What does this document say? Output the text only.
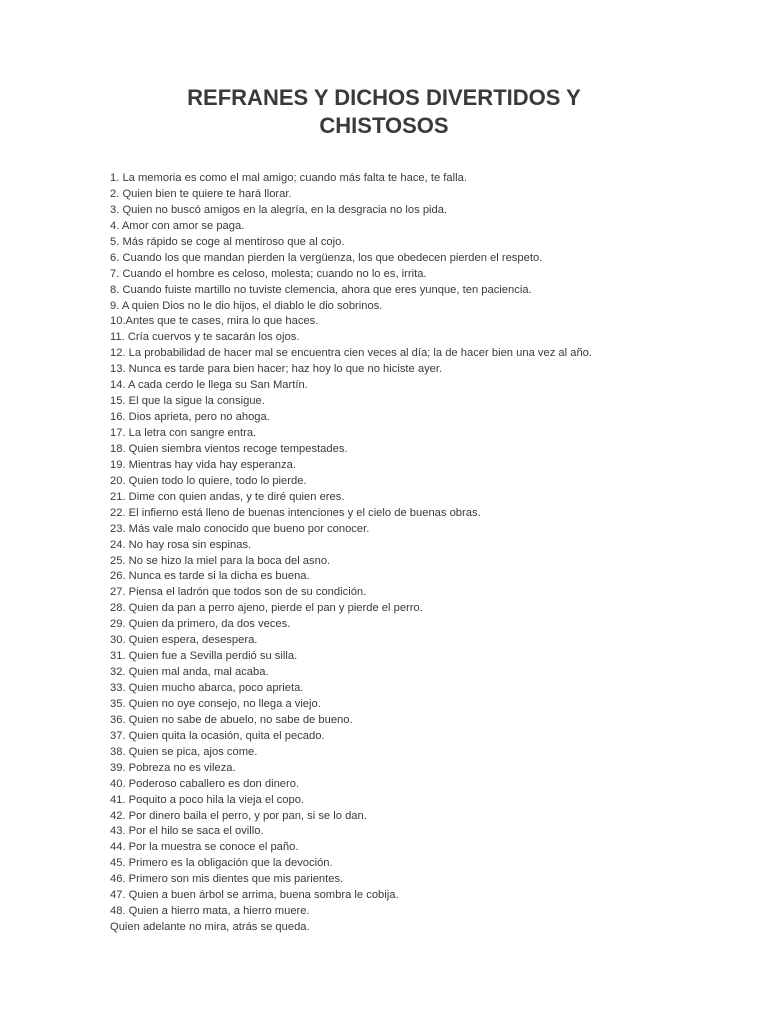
REFRANES Y DICHOS DIVERTIDOS Y
CHISTOSOS
1. La memoria es como el mal amigo; cuando más falta te hace, te falla.
2. Quien bien te quiere te hará llorar.
3. Quien no buscó amigos en la alegría, en la desgracia no los pida.
4. Amor con amor se paga.
5. Más rápido se coge al mentiroso que al cojo.
6. Cuando los que mandan pierden la vergüenza, los que obedecen pierden el respeto.
7. Cuando el hombre es celoso, molesta; cuando no lo es, irrita.
8. Cuando fuiste martillo no tuviste clemencia, ahora que eres yunque, ten paciencia.
9. A quien Dios no le dio hijos, el diablo le dio sobrinos.
10.Antes que te cases, mira lo que haces.
11. Cría cuervos y te sacarán los ojos.
12. La probabilidad de hacer mal se encuentra cien veces al día; la de hacer bien una vez al año.
13. Nunca es tarde para bien hacer; haz hoy lo que no hiciste ayer.
14. A cada cerdo le llega su San Martín.
15. El que la sigue la consigue.
16. Dios aprieta, pero no ahoga.
17. La letra con sangre entra.
18. Quien siembra vientos recoge tempestades.
19. Mientras hay vida hay esperanza.
20. Quien todo lo quiere, todo lo pierde.
21. Dime con quien andas, y te diré quien eres.
22. El infierno está lleno de buenas intenciones y el cielo de buenas obras.
23. Más vale malo conocido que bueno por conocer.
24. No hay rosa sin espinas.
25. No se hizo la miel para la boca del asno.
26. Nunca es tarde si la dicha es buena.
27. Piensa el ladrón que todos son de su condición.
28. Quien da pan a perro ajeno, pierde el pan y pierde el perro.
29. Quien da primero, da dos veces.
30. Quien espera, desespera.
31. Quien fue a Sevilla perdió su silla.
32. Quien mal anda, mal acaba.
33. Quien mucho abarca, poco aprieta.
35. Quien no oye consejo, no llega a viejo.
36. Quien no sabe de abuelo, no sabe de bueno.
37. Quien quita la ocasión, quita el pecado.
38. Quien se pica, ajos come.
39. Pobreza no es vileza.
40. Poderoso caballero es don dinero.
41. Poquito a poco hila la vieja el copo.
42. Por dinero baila el perro, y por pan, si se lo dan.
43. Por el hilo se saca el ovillo.
44. Por la muestra se conoce el paño.
45. Primero es la obligación que la devoción.
46. Primero son mis dientes que mis parientes.
47. Quien a buen árbol se arrima, buena sombra le cobija.
48. Quien a hierro mata, a hierro muere.
Quien adelante no mira, atrás se queda.
